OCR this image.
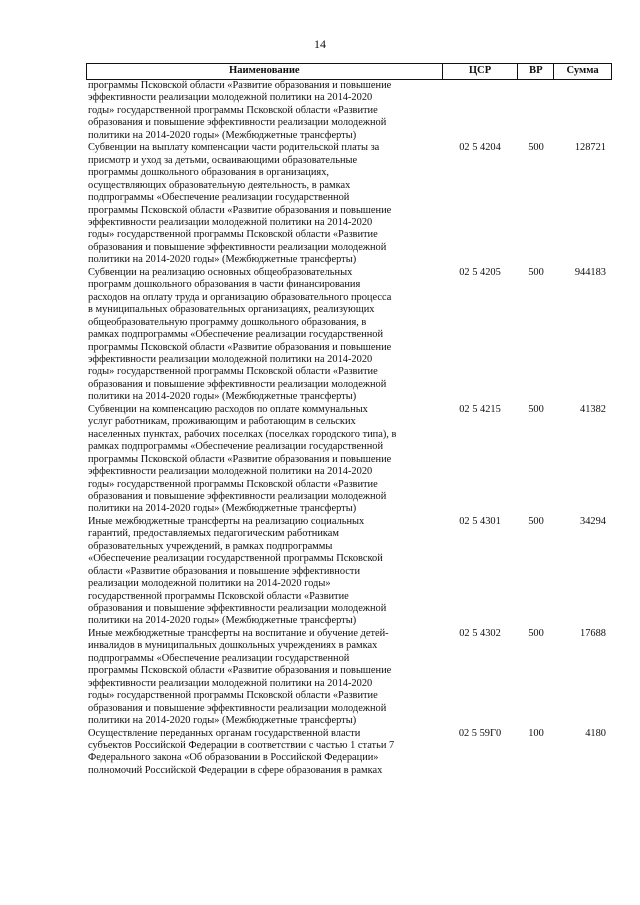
14
Наименование	ЦСР	ВР	Сумма
программы Псковской области «Развитие образования и повышение
эффективности реализации молодежной политики на 2014-2020
годы» государственной программы Псковской области «Развитие
образования и повышение эффективности реализации молодежной
политики на 2014-2020 годы» (Межбюджетные трансферты)
Субвенции на выплату компенсации части родительской платы за
присмотр и уход за детьми, осваивающими образовательные
программы дошкольного образования в организациях,
осуществляющих образовательную деятельность, в рамках
подпрограммы «Обеспечение реализации государственной
программы Псковской области «Развитие образования и повышение
эффективности реализации молодежной политики на 2014-2020
годы» государственной программы Псковской области «Развитие
образования и повышение эффективности реализации молодежной
политики на 2014-2020 годы» (Межбюджетные трансферты)
02 5 4204	500	128721
Субвенции на реализацию основных общеобразовательных
программ дошкольного образования в части финансирования
расходов на оплату труда и организацию образовательного процесса
в муниципальных образовательных организациях, реализующих
общеобразовательную программу дошкольного образования, в
рамках подпрограммы «Обеспечение реализации государственной
программы Псковской области «Развитие образования и повышение
эффективности реализации молодежной политики на 2014-2020
годы» государственной программы Псковской области «Развитие
образования и повышение эффективности реализации молодежной
политики на 2014-2020 годы» (Межбюджетные трансферты)
02 5 4205	500	944183
Субвенции на компенсацию расходов по оплате коммунальных
услуг работникам, проживающим и работающим в сельских
населенных пунктах, рабочих поселках (поселках городского типа), в
рамках подпрограммы «Обеспечение реализации государственной
программы Псковской области «Развитие образования и повышение
эффективности реализации молодежной политики на 2014-2020
годы» государственной программы Псковской области «Развитие
образования и повышение эффективности реализации молодежной
политики на 2014-2020 годы» (Межбюджетные трансферты)
02 5 4215	500	41382
Иные межбюджетные трансферты на реализацию социальных
гарантий, предоставляемых педагогическим работникам
образовательных учреждений, в рамках подпрограммы
«Обеспечение реализации государственной программы Псковской
области «Развитие образования и повышение эффективности
реализации молодежной политики на 2014-2020 годы»
государственной программы Псковской области «Развитие
образования и повышение эффективности реализации молодежной
политики на 2014-2020 годы» (Межбюджетные трансферты)
02 5 4301	500	34294
Иные межбюджетные трансферты на воспитание и обучение детей-
инвалидов в муниципальных дошкольных учреждениях в рамках
подпрограммы «Обеспечение реализации государственной
программы Псковской области «Развитие образования и повышение
эффективности реализации молодежной политики на 2014-2020
годы» государственной программы Псковской области «Развитие
образования и повышение эффективности реализации молодежной
политики на 2014-2020 годы» (Межбюджетные трансферты)
02 5 4302	500	17688
Осуществление переданных органам государственной власти
субъектов Российской Федерации в соответствии с частью 1 статьи 7
Федерального закона «Об образовании в Российской Федерации»
полномочий Российской Федерации в сфере образования в рамках
02 5 59Г0	100	4180
